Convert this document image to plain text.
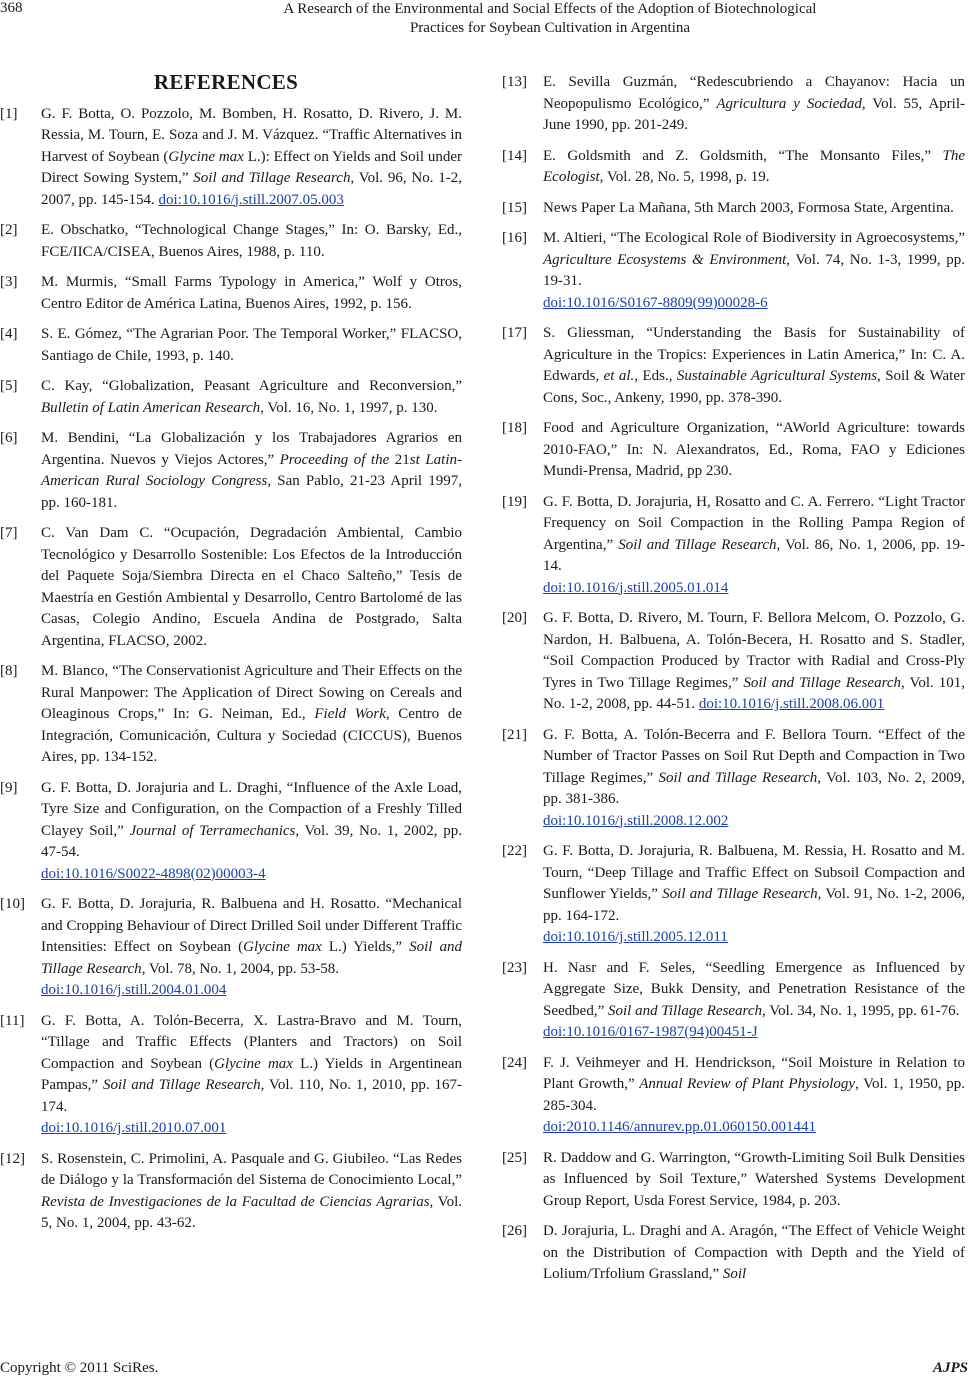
368	A Research of the Environmental and Social Effects of the Adoption of Biotechnological
Practices for Soybean Cultivation in Argentina
REFERENCES
[1] G. F. Botta, O. Pozzolo, M. Bomben, H. Rosatto, D. Rivero, J. M. Ressia, M. Tourn, E. Soza and J. M. Vázquez. “Traffic Alternatives in Harvest of Soybean (Glycine max L.): Effect on Yields and Soil under Direct Sowing System,” Soil and Tillage Research, Vol. 96, No. 1-2, 2007, pp. 145-154. doi:10.1016/j.still.2007.05.003
[2] E. Obschatko, “Technological Change Stages,” In: O. Barsky, Ed., FCE/IICA/CISEA, Buenos Aires, 1988, p. 110.
[3] M. Murmis, “Small Farms Typology in America,” Wolf y Otros, Centro Editor de América Latina, Buenos Aires, 1992, p. 156.
[4] S. E. Gómez, “The Agrarian Poor. The Temporal Worker,” FLACSO, Santiago de Chile, 1993, p. 140.
[5] C. Kay, “Globalization, Peasant Agriculture and Reconversion,” Bulletin of Latin American Research, Vol. 16, No. 1, 1997, p. 130.
[6] M. Bendini, “La Globalización y los Trabajadores Agrarios en Argentina. Nuevos y Viejos Actores,” Proceeding of the 21st Latin-American Rural Sociology Congress, San Pablo, 21-23 April 1997, pp. 160-181.
[7] C. Van Dam C. “Ocupación, Degradación Ambiental, Cambio Tecnológico y Desarrollo Sostenible: Los Efectos de la Introducción del Paquete Soja/Siembra Directa en el Chaco Salteño,” Tesis de Maestría en Gestión Ambiental y Desarrollo, Centro Bartolomé de las Casas, Colegio Andino, Escuela Andina de Postgrado, Salta Argentina, FLACSO, 2002.
[8] M. Blanco, “The Conservationist Agriculture and Their Effects on the Rural Manpower: The Application of Direct Sowing on Cereals and Oleaginous Crops,” In: G. Neiman, Ed., Field Work, Centro de Integración, Comunicación, Cultura y Sociedad (CICCUS), Buenos Aires, pp. 134-152.
[9] G. F. Botta, D. Jorajuria and L. Draghi, “Influence of the Axle Load, Tyre Size and Configuration, on the Compaction of a Freshly Tilled Clayey Soil,” Journal of Terramechanics, Vol. 39, No. 1, 2002, pp. 47-54.
doi:10.1016/S0022-4898(02)00003-4
[10] G. F. Botta, D. Jorajuria, R. Balbuena and H. Rosatto. “Mechanical and Cropping Behaviour of Direct Drilled Soil under Different Traffic Intensities: Effect on Soybean (Glycine max L.) Yields,” Soil and Tillage Research, Vol. 78, No. 1, 2004, pp. 53-58.
doi:10.1016/j.still.2004.01.004
[11] G. F. Botta, A. Tolón-Becerra, X. Lastra-Bravo and M. Tourn, “Tillage and Traffic Effects (Planters and Tractors) on Soil Compaction and Soybean (Glycine max L.) Yields in Argentinean Pampas,” Soil and Tillage Research, Vol. 110, No. 1, 2010, pp. 167-174.
doi:10.1016/j.still.2010.07.001
[12] S. Rosenstein, C. Primolini, A. Pasquale and G. Giubileo. “Las Redes de Diálogo y la Transformación del Sistema de Conocimiento Local,” Revista de Investigaciones de la Facultad de Ciencias Agrarias, Vol. 5, No. 1, 2004, pp. 43-62.
[13] E. Sevilla Guzmán, “Redescubriendo a Chayanov: Hacia un Neopopulismo Ecológico,” Agricultura y Sociedad, Vol. 55, April-June 1990, pp. 201-249.
[14] E. Goldsmith and Z. Goldsmith, “The Monsanto Files,” The Ecologist, Vol. 28, No. 5, 1998, p. 19.
[15] News Paper La Mañana, 5th March 2003, Formosa State, Argentina.
[16] M. Altieri, “The Ecological Role of Biodiversity in Agroecosystems,” Agriculture Ecosystems & Environment, Vol. 74, No. 1-3, 1999, pp. 19-31.
doi:10.1016/S0167-8809(99)00028-6
[17] S. Gliessman, “Understanding the Basis for Sustainability of Agriculture in the Tropics: Experiences in Latin America,” In: C. A. Edwards, et al., Eds., Sustainable Agricultural Systems, Soil & Water Cons, Soc., Ankeny, 1990, pp. 378-390.
[18] Food and Agriculture Organization, “AWorld Agriculture: towards 2010-FAO,” In: N. Alexandratos, Ed., Roma, FAO y Ediciones Mundi-Prensa, Madrid, pp 230.
[19] G. F. Botta, D. Jorajuria, H, Rosatto and C. A. Ferrero. “Light Tractor Frequency on Soil Compaction in the Rolling Pampa Region of Argentina,” Soil and Tillage Research, Vol. 86, No. 1, 2006, pp. 19-14.
doi:10.1016/j.still.2005.01.014
[20] G. F. Botta, D. Rivero, M. Tourn, F. Bellora Melcom, O. Pozzolo, G. Nardon, H. Balbuena, A. Tolón-Becera, H. Rosatto and S. Stadler, “Soil Compaction Produced by Tractor with Radial and Cross-Ply Tyres in Two Tillage Regimes,” Soil and Tillage Research, Vol. 101, No. 1-2, 2008, pp. 44-51. doi:10.1016/j.still.2008.06.001
[21] G. F. Botta, A. Tolón-Becerra and F. Bellora Tourn. “Effect of the Number of Tractor Passes on Soil Rut Depth and Compaction in Two Tillage Regimes,” Soil and Tillage Research, Vol. 103, No. 2, 2009, pp. 381-386.
doi:10.1016/j.still.2008.12.002
[22] G. F. Botta, D. Jorajuria, R. Balbuena, M. Ressia, H. Rosatto and M. Tourn, “Deep Tillage and Traffic Effect on Subsoil Compaction and Sunflower Yields,” Soil and Tillage Research, Vol. 91, No. 1-2, 2006, pp. 164-172.
doi:10.1016/j.still.2005.12.011
[23] H. Nasr and F. Seles, “Seedling Emergence as Influenced by Aggregate Size, Bukk Density, and Penetration Resistance of the Seedbed,” Soil and Tillage Research, Vol. 34, No. 1, 1995, pp. 61-76.
doi:10.1016/0167-1987(94)00451-J
[24] F. J. Veihmeyer and H. Hendrickson, “Soil Moisture in Relation to Plant Growth,” Annual Review of Plant Physiology, Vol. 1, 1950, pp. 285-304.
doi:2010.1146/annurev.pp.01.060150.001441
[25] R. Daddow and G. Warrington, “Growth-Limiting Soil Bulk Densities as Influenced by Soil Texture,” Watershed Systems Development Group Report, Usda Forest Service, 1984, p. 203.
[26] D. Jorajuria, L. Draghi and A. Aragón, “The Effect of Vehicle Weight on the Distribution of Compaction with Depth and the Yield of Lolium/Trfolium Grassland,” Soil
Copyright © 2011 SciRes.	AJPS
